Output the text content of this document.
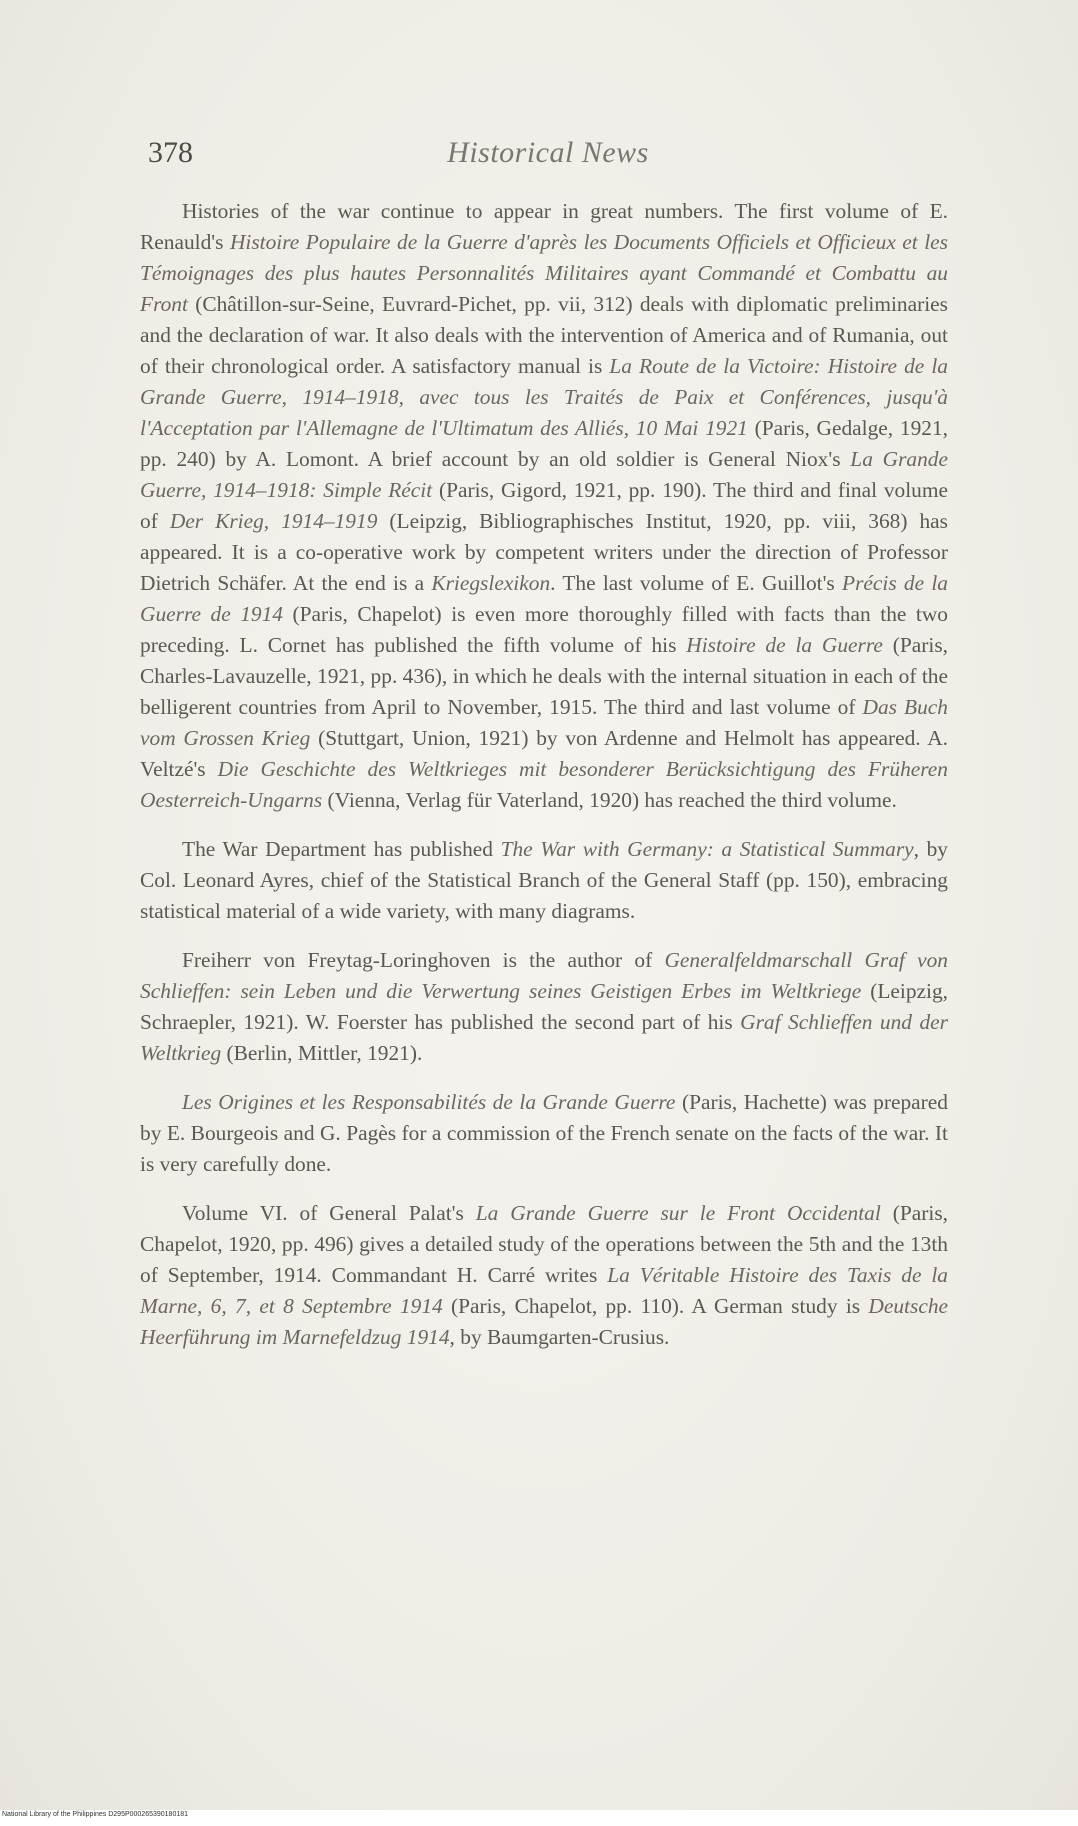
378	Historical News

Histories of the war continue to appear in great numbers. The first volume of E. Renauld's Histoire Populaire de la Guerre d'après les Documents Officiels et Officieux et les Témoignages des plus hautes Personnalités Militaires ayant Commandé et Combattu au Front (Châtillon-sur-Seine, Euvrard-Pichet, pp. vii, 312) deals with diplomatic preliminaries and the declaration of war. It also deals with the intervention of America and of Rumania, out of their chronological order. A satisfactory manual is La Route de la Victoire: Histoire de la Grande Guerre, 1914–1918, avec tous les Traités de Paix et Conférences, jusqu'à l'Acceptation par l'Allemagne de l'Ultimatum des Alliés, 10 Mai 1921 (Paris, Gedalge, 1921, pp. 240) by A. Lomont. A brief account by an old soldier is General Niox's La Grande Guerre, 1914–1918: Simple Récit (Paris, Gigord, 1921, pp. 190). The third and final volume of Der Krieg, 1914–1919 (Leipzig, Bibliographisches Institut, 1920, pp. viii, 368) has appeared. It is a co-operative work by competent writers under the direction of Professor Dietrich Schäfer. At the end is a Kriegslexikon. The last volume of E. Guillot's Précis de la Guerre de 1914 (Paris, Chapelot) is even more thoroughly filled with facts than the two preceding. L. Cornet has published the fifth volume of his Histoire de la Guerre (Paris, Charles-Lavauzelle, 1921, pp. 436), in which he deals with the internal situation in each of the belligerent countries from April to November, 1915. The third and last volume of Das Buch vom Grossen Krieg (Stuttgart, Union, 1921) by von Ardenne and Helmolt has appeared. A. Veltzé's Die Geschichte des Weltkrieges mit besonderer Berücksichtigung des Früheren Oesterreich-Ungarns (Vienna, Verlag für Vaterland, 1920) has reached the third volume.

The War Department has published The War with Germany: a Statistical Summary, by Col. Leonard Ayres, chief of the Statistical Branch of the General Staff (pp. 150), embracing statistical material of a wide variety, with many diagrams.

Freiherr von Freytag-Loringhoven is the author of Generalfeldmarschall Graf von Schlieffen: sein Leben und die Verwertung seines Geistigen Erbes im Weltkriege (Leipzig, Schraepler, 1921). W. Foerster has published the second part of his Graf Schlieffen und der Weltkrieg (Berlin, Mittler, 1921).

Les Origines et les Responsabilités de la Grande Guerre (Paris, Hachette) was prepared by E. Bourgeois and G. Pagès for a commission of the French senate on the facts of the war. It is very carefully done.

Volume VI. of General Palat's La Grande Guerre sur le Front Occidental (Paris, Chapelot, 1920, pp. 496) gives a detailed study of the operations between the 5th and the 13th of September, 1914. Commandant H. Carré writes La Véritable Histoire des Taxis de la Marne, 6, 7, et 8 Septembre 1914 (Paris, Chapelot, pp. 110). A German study is Deutsche Heerführung im Marnefeldzug 1914, by Baumgarten-Crusius.

National Library of the Philippines D295P000265390180181
